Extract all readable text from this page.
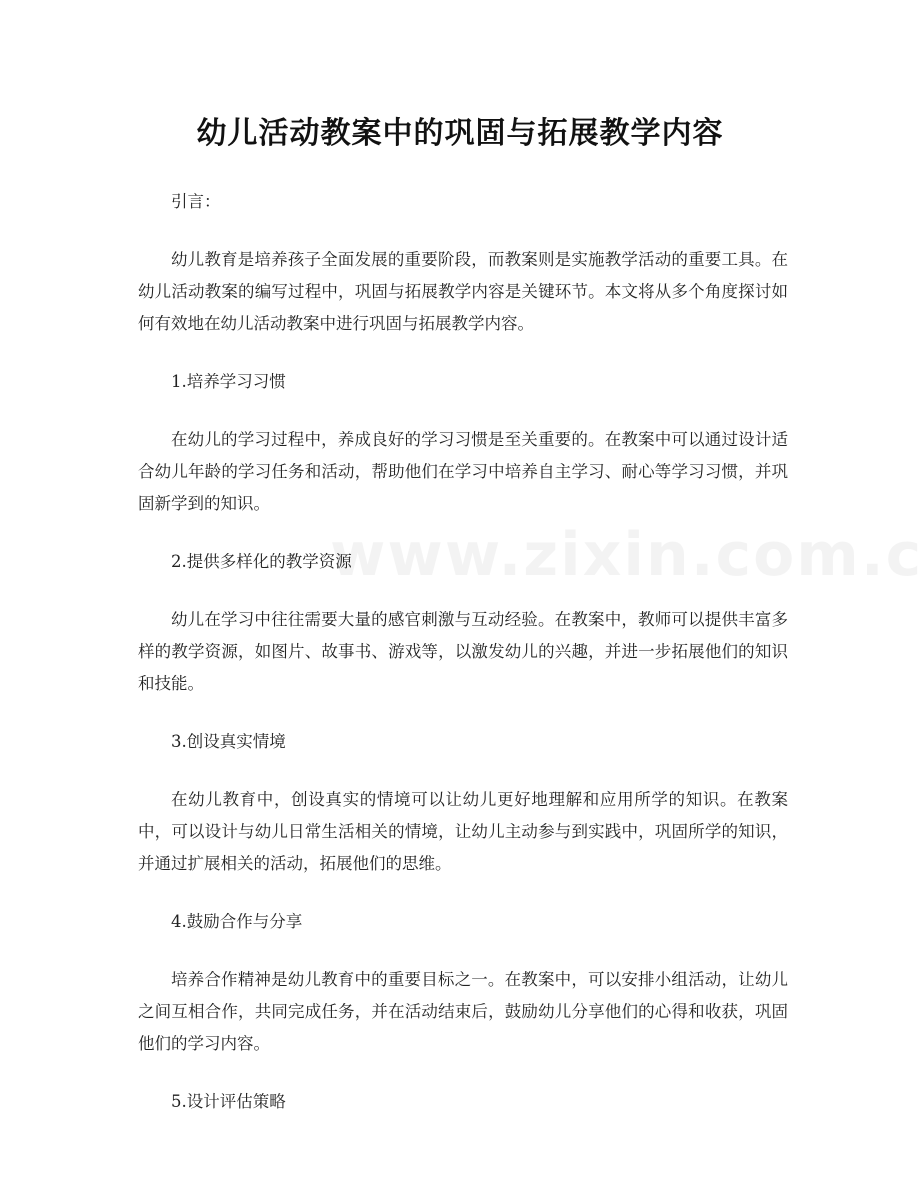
幼儿活动教案中的巩固与拓展教学内容

引言：

幼儿教育是培养孩子全面发展的重要阶段，而教案则是实施教学活动的重要工具。在幼儿活动教案的编写过程中，巩固与拓展教学内容是关键环节。本文将从多个角度探讨如何有效地在幼儿活动教案中进行巩固与拓展教学内容。

1.培养学习习惯

在幼儿的学习过程中，养成良好的学习习惯是至关重要的。在教案中可以通过设计适合幼儿年龄的学习任务和活动，帮助他们在学习中培养自主学习、耐心等学习习惯，并巩固新学到的知识。

2.提供多样化的教学资源

幼儿在学习中往往需要大量的感官刺激与互动经验。在教案中，教师可以提供丰富多样的教学资源，如图片、故事书、游戏等，以激发幼儿的兴趣，并进一步拓展他们的知识和技能。

3.创设真实情境

在幼儿教育中，创设真实的情境可以让幼儿更好地理解和应用所学的知识。在教案中，可以设计与幼儿日常生活相关的情境，让幼儿主动参与到实践中，巩固所学的知识，并通过扩展相关的活动，拓展他们的思维。

4.鼓励合作与分享

培养合作精神是幼儿教育中的重要目标之一。在教案中，可以安排小组活动，让幼儿之间互相合作，共同完成任务，并在活动结束后，鼓励幼儿分享他们的心得和收获，巩固他们的学习内容。

5.设计评估策略
